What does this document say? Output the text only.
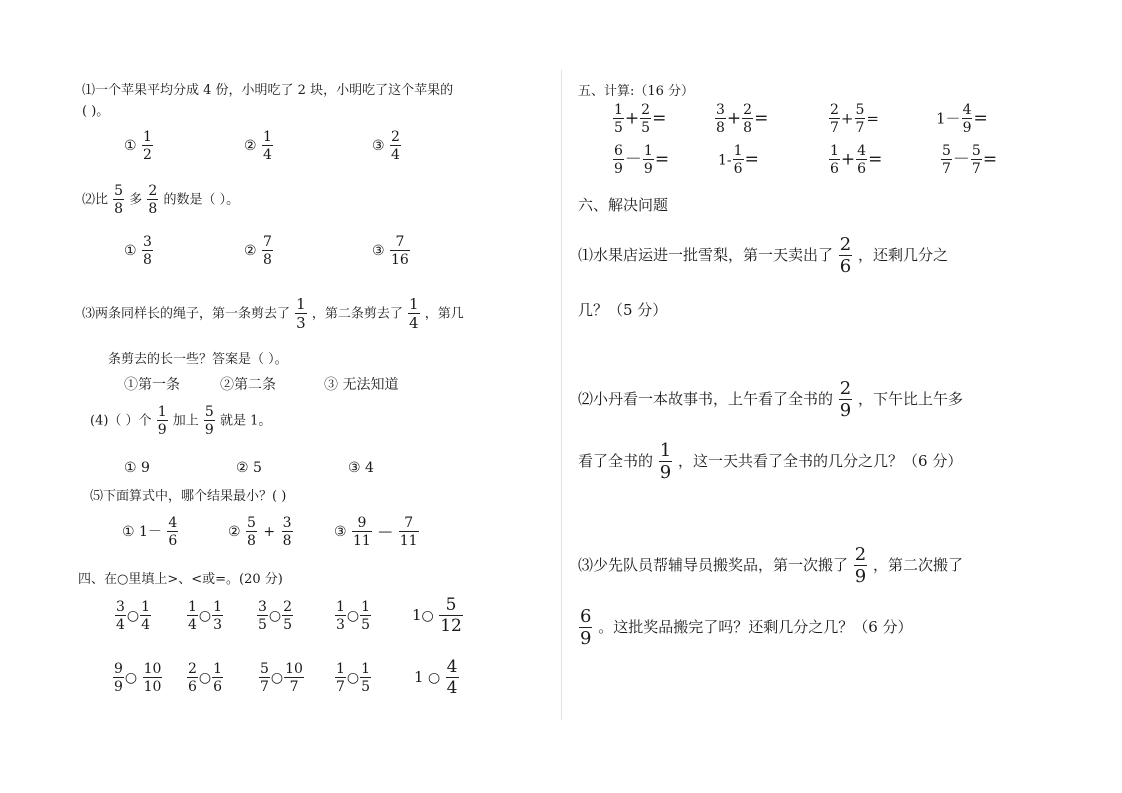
⑴一个苹果平均分成 4 份，小明吃了 2 块，小明吃了这个苹果的
( )。
① $\frac{1}{2}$	② $\frac{1}{4}$	③ $\frac{2}{4}$
⑵比 $\frac{5}{8}$ 多 $\frac{2}{8}$ 的数是（ ）。
① $\frac{3}{8}$	② $\frac{7}{8}$	③ $\frac{7}{16}$
⑶两条同样长的绳子，第一条剪去了 $\frac{1}{3}$ ，第二条剪去了 $\frac{1}{4}$ ，第几
条剪去的长一些？答案是（ ）。
①第一条	②第二条	③ 无法知道
(4)（ ）个 $\frac{1}{9}$ 加上 $\frac{5}{9}$ 就是 1。
① 9	② 5	③ 4
⑸下面算式中，哪个结果最小？( )
① $1- \frac{4}{6}$	② $\frac{5}{8} + \frac{3}{8}$	③ $\frac{9}{11}$ — $\frac{7}{11}$
四、在○里填上>、<或=。(20 分)
$\frac{3}{4}$ ○ $\frac{1}{4}$	$\frac{1}{4}$ ○ $\frac{1}{3} \frac{3}{5}$ ○ $\frac{2}{5}$	$\frac{1}{3}$ ○ $\frac{1}{5}$	1○ $\frac{5}{12}$
$\frac{9}{9}$ ○ $\frac{10}{10} \frac{2}{6}$ ○ $\frac{1}{6}$	$\frac{5}{7}$ ○ $\frac{10}{7} \frac{1}{7}$ ○ $\frac{1}{5}$	1 ○ $\frac{4}{4}$
五、计算:（16 分）
$\frac{1}{5} + \frac{2}{5}$ =	$\frac{3}{8} + \frac{2}{8}$ =	$\frac{2}{7} + \frac{5}{7}$ =	$1- \frac{4}{9}$ =
$\frac{6}{9} - \frac{1}{9}$ =	$1- \frac{1}{6}$ =	$\frac{1}{6} + \frac{4}{6}$ =	$\frac{5}{7} - \frac{5}{7}$ =
六、解决问题
⑴水果店运进一批雪梨，第一天卖出了 $\frac{2}{6}$ ，还剩几分之
几？（5 分）
⑵小丹看一本故事书，上午看了全书的 $\frac{2}{9}$ ，下午比上午多
看了全书的 $\frac{1}{9}$ ，这一天共看了全书的几分之几？（6 分）
⑶少先队员帮辅导员搬奖品，第一次搬了 $\frac{2}{9}$ ，第二次搬了
$\frac{6}{9}$ 。这批奖品搬完了吗？还剩几分之几？（6 分）
